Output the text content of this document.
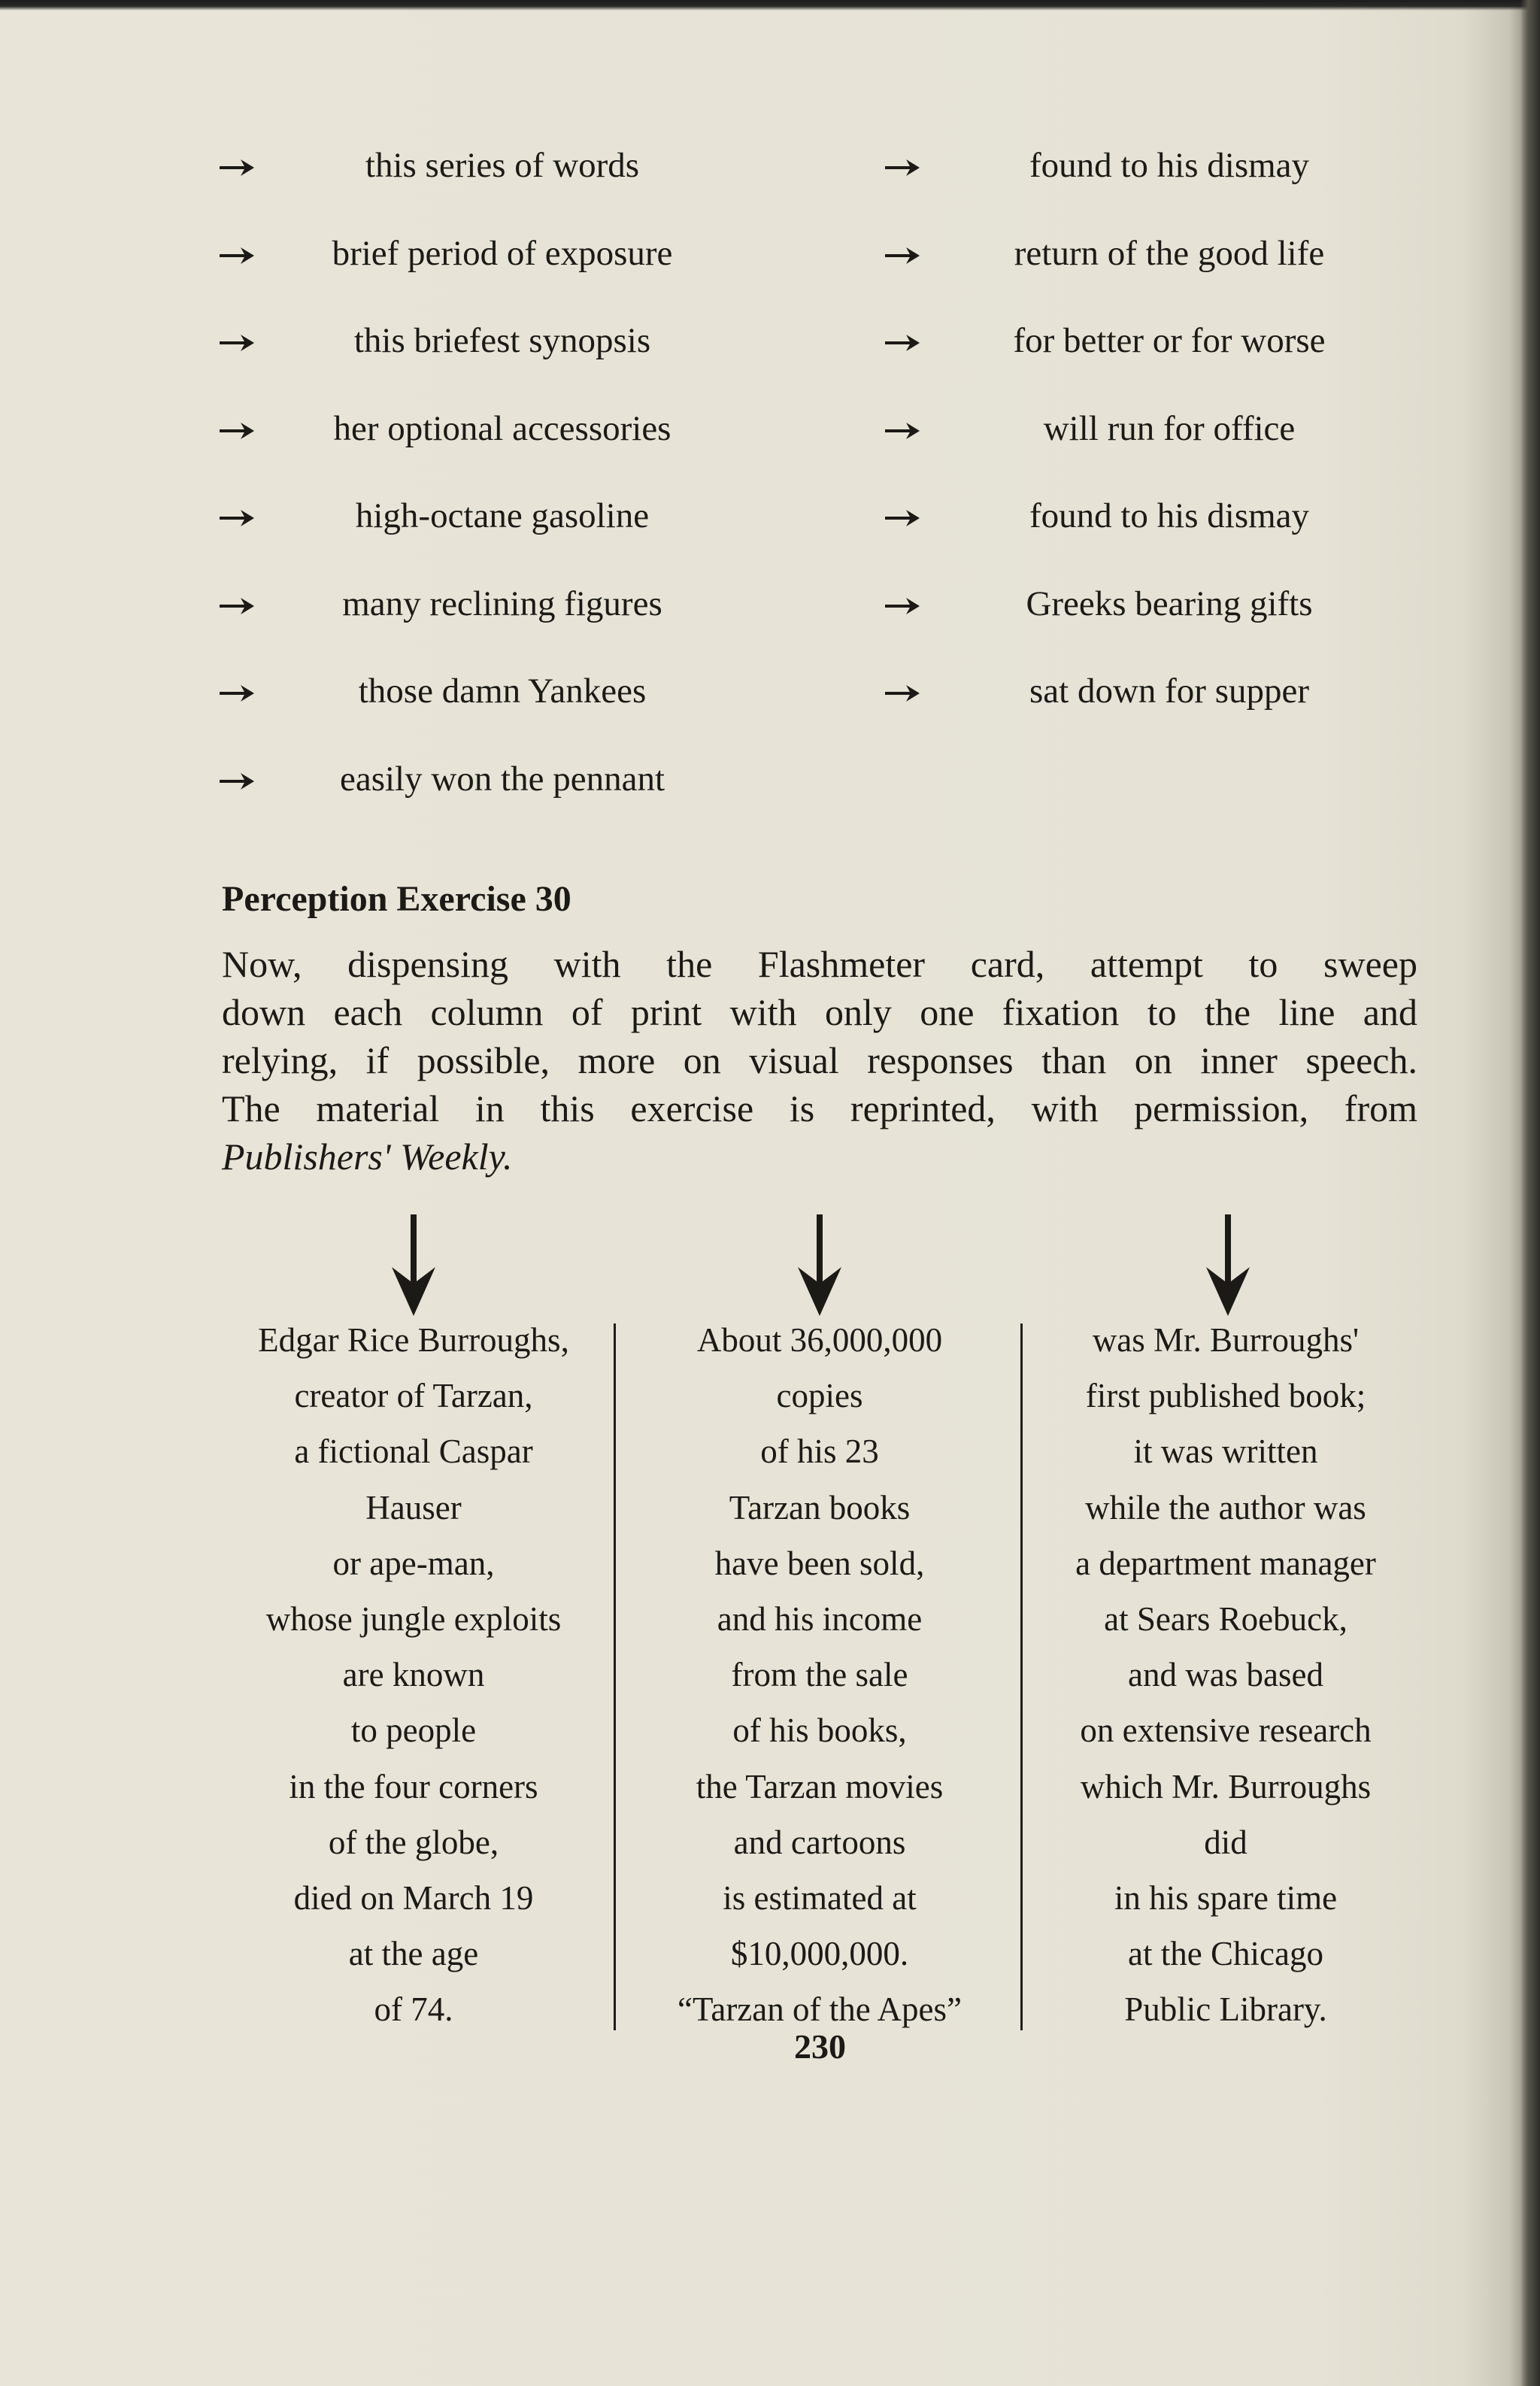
this series of words
brief period of exposure
this briefest synopsis
her optional accessories
high-octane gasoline
many reclining figures
those damn Yankees
easily won the pennant
found to his dismay
return of the good life
for better or for worse
will run for office
found to his dismay
Greeks bearing gifts
sat down for supper
Perception Exercise 30
Now, dispensing with the Flashmeter card, attempt to sweep
down each column of print with only one fixation to the line and
relying, if possible, more on visual responses than on inner speech.
The material in this exercise is reprinted, with permission, from
Publishers' Weekly.
Edgar Rice Burroughs,
creator of Tarzan,
a fictional Caspar
Hauser
or ape-man,
whose jungle exploits
are known
to people
in the four corners
of the globe,
died on March 19
at the age
of 74.
About 36,000,000
copies
of his 23
Tarzan books
have been sold,
and his income
from the sale
of his books,
the Tarzan movies
and cartoons
is estimated at
$10,000,000.
“Tarzan of the Apes”
was Mr. Burroughs'
first published book;
it was written
while the author was
a department manager
at Sears Roebuck,
and was based
on extensive research
which Mr. Burroughs
did
in his spare time
at the Chicago
Public Library.
230
